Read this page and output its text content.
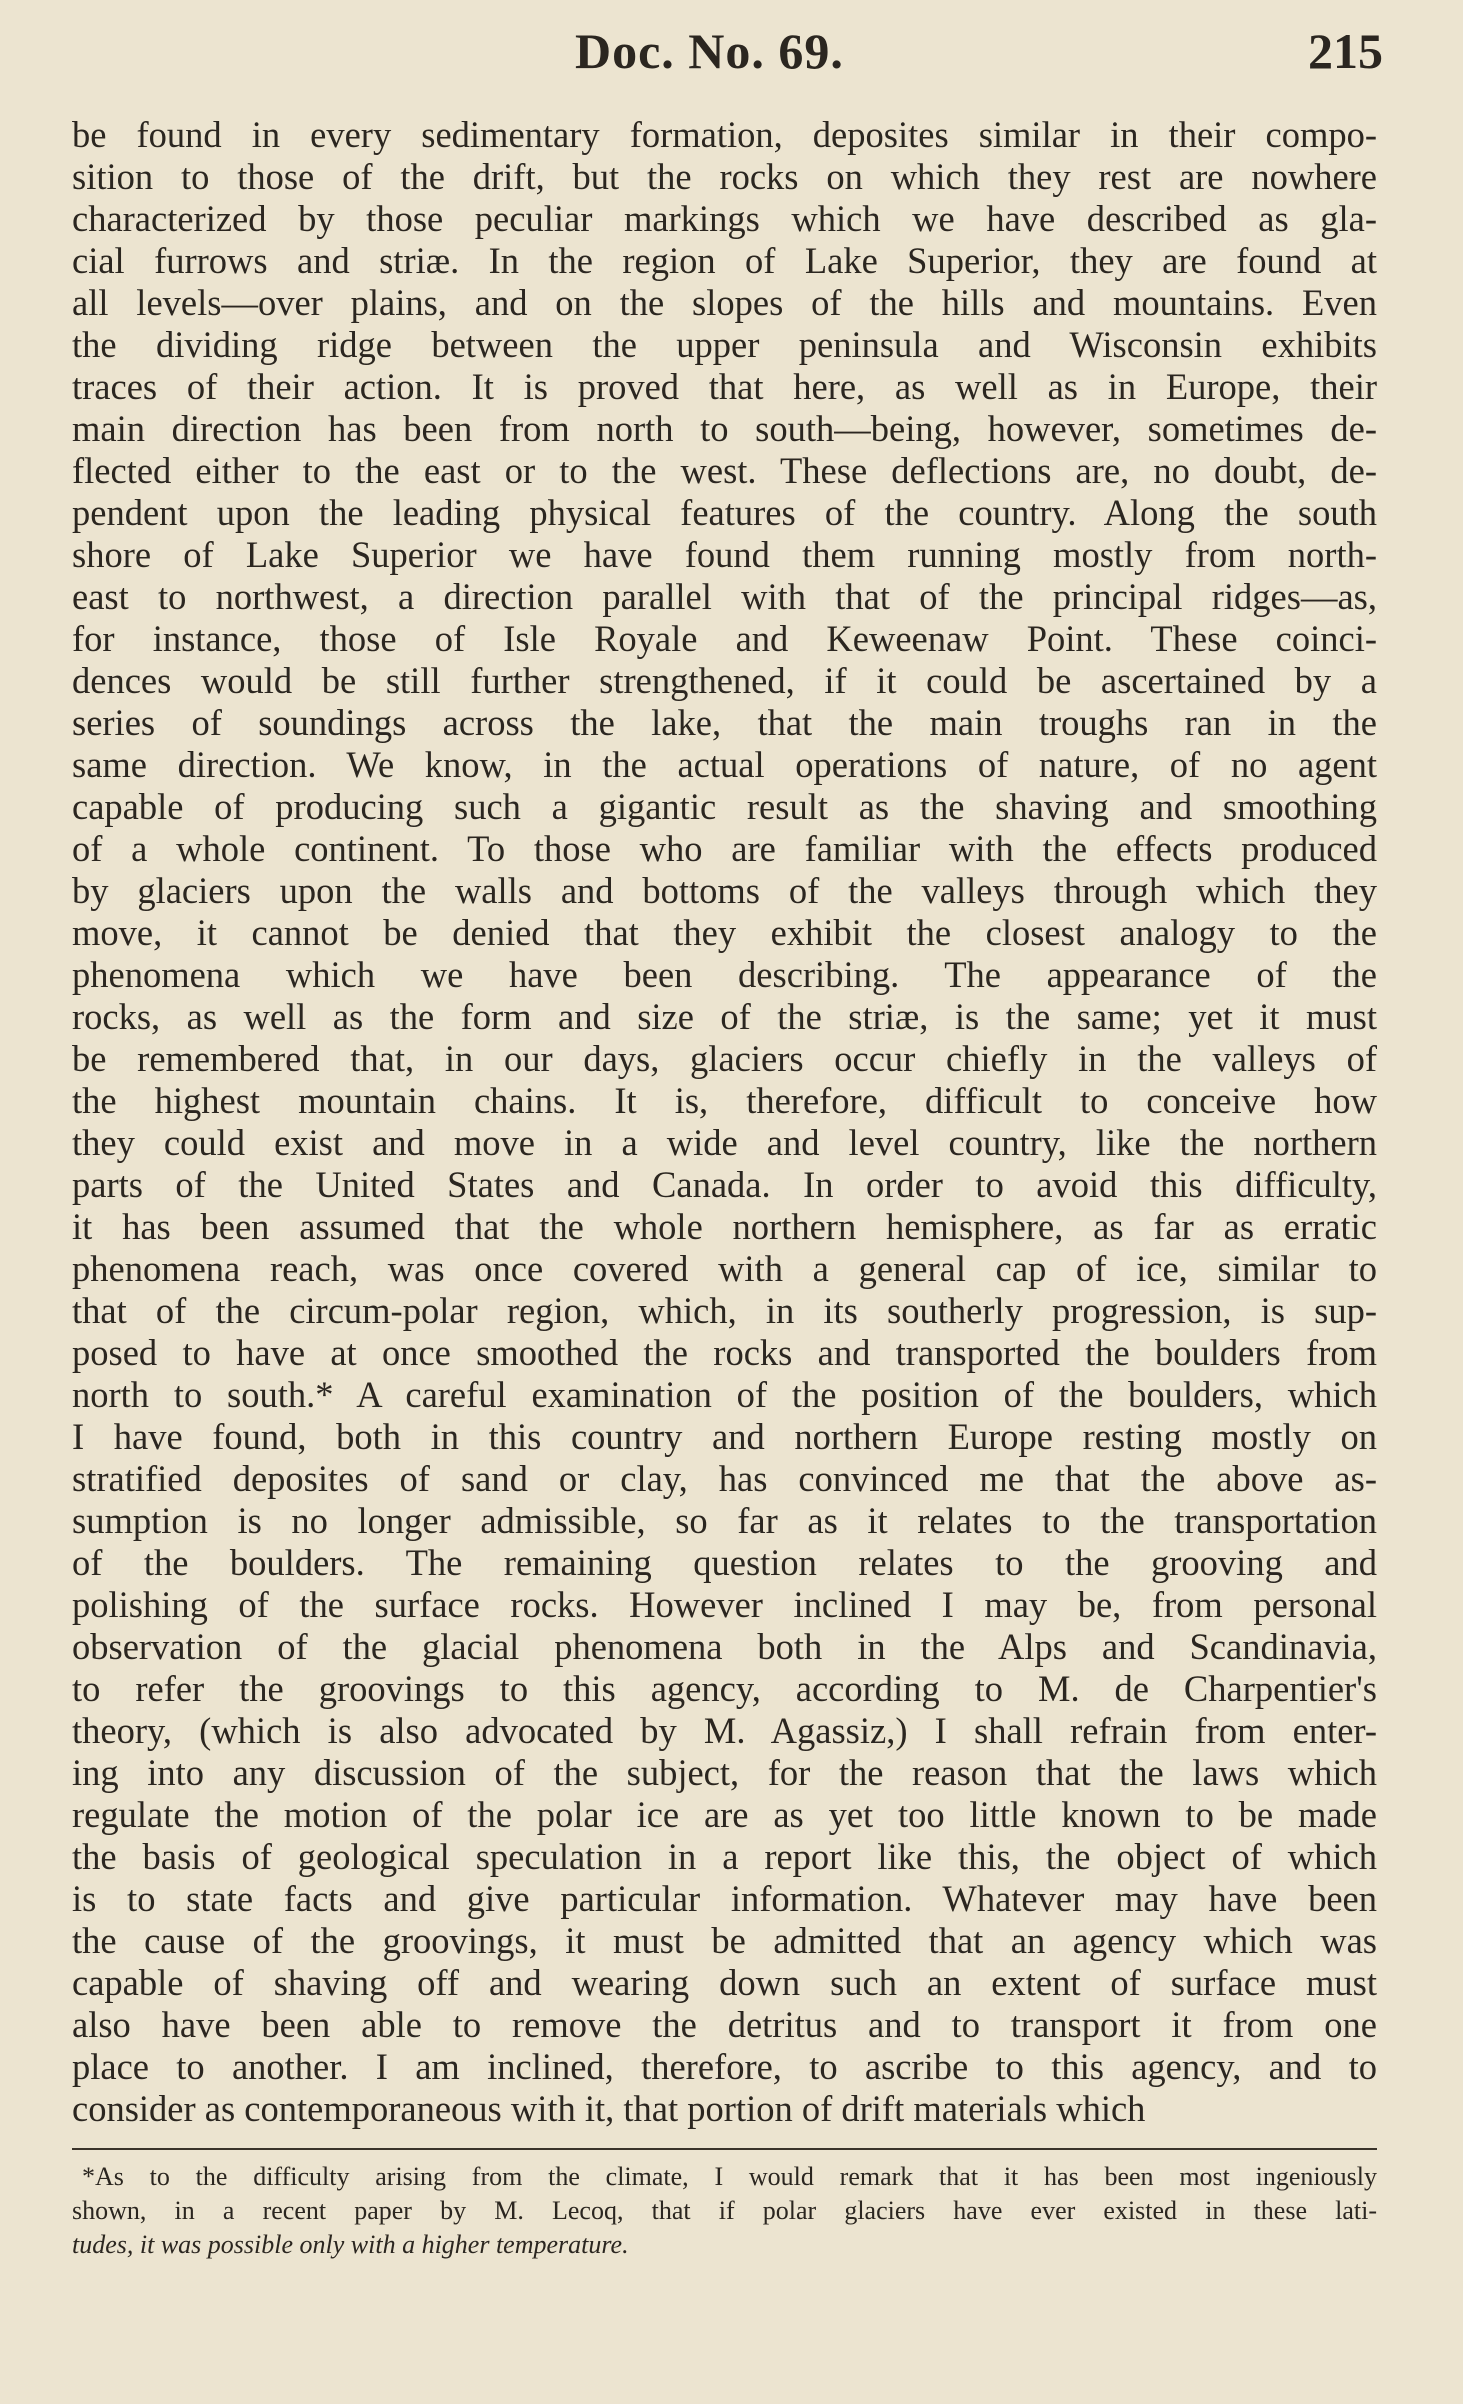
Doc. No. 69.	215
be found in every sedimentary formation, deposites similar in their compo-
sition to those of the drift, but the rocks on which they rest are nowhere
characterized by those peculiar markings which we have described as gla-
cial furrows and striæ. In the region of Lake Superior, they are found at
all levels—over plains, and on the slopes of the hills and mountains. Even
the dividing ridge between the upper peninsula and Wisconsin exhibits
traces of their action. It is proved that here, as well as in Europe, their
main direction has been from north to south—being, however, sometimes de-
flected either to the east or to the west. These deflections are, no doubt, de-
pendent upon the leading physical features of the country. Along the south
shore of Lake Superior we have found them running mostly from north-
east to northwest, a direction parallel with that of the principal ridges—as,
for instance, those of Isle Royale and Keweenaw Point. These coinci-
dences would be still further strengthened, if it could be ascertained by a
series of soundings across the lake, that the main troughs ran in the
same direction. We know, in the actual operations of nature, of no agent
capable of producing such a gigantic result as the shaving and smoothing
of a whole continent. To those who are familiar with the effects produced
by glaciers upon the walls and bottoms of the valleys through which they
move, it cannot be denied that they exhibit the closest analogy to the
phenomena which we have been describing. The appearance of the
rocks, as well as the form and size of the striæ, is the same; yet it must
be remembered that, in our days, glaciers occur chiefly in the valleys of
the highest mountain chains. It is, therefore, difficult to conceive how
they could exist and move in a wide and level country, like the northern
parts of the United States and Canada. In order to avoid this difficulty,
it has been assumed that the whole northern hemisphere, as far as erratic
phenomena reach, was once covered with a general cap of ice, similar to
that of the circum-polar region, which, in its southerly progression, is sup-
posed to have at once smoothed the rocks and transported the boulders from
north to south.* A careful examination of the position of the boulders, which
I have found, both in this country and northern Europe resting mostly on
stratified deposites of sand or clay, has convinced me that the above as-
sumption is no longer admissible, so far as it relates to the transportation
of the boulders. The remaining question relates to the grooving and
polishing of the surface rocks. However inclined I may be, from personal
observation of the glacial phenomena both in the Alps and Scandinavia,
to refer the groovings to this agency, according to M. de Charpentier's
theory, (which is also advocated by M. Agassiz,) I shall refrain from enter-
ing into any discussion of the subject, for the reason that the laws which
regulate the motion of the polar ice are as yet too little known to be made
the basis of geological speculation in a report like this, the object of which
is to state facts and give particular information. Whatever may have been
the cause of the groovings, it must be admitted that an agency which was
capable of shaving off and wearing down such an extent of surface must
also have been able to remove the detritus and to transport it from one
place to another. I am inclined, therefore, to ascribe to this agency, and to
consider as contemporaneous with it, that portion of drift materials which
*As to the difficulty arising from the climate, I would remark that it has been most ingeniously
shown, in a recent paper by M. Lecoq, that if polar glaciers have ever existed in these lati-
tudes, it was possible only with a higher temperature.
